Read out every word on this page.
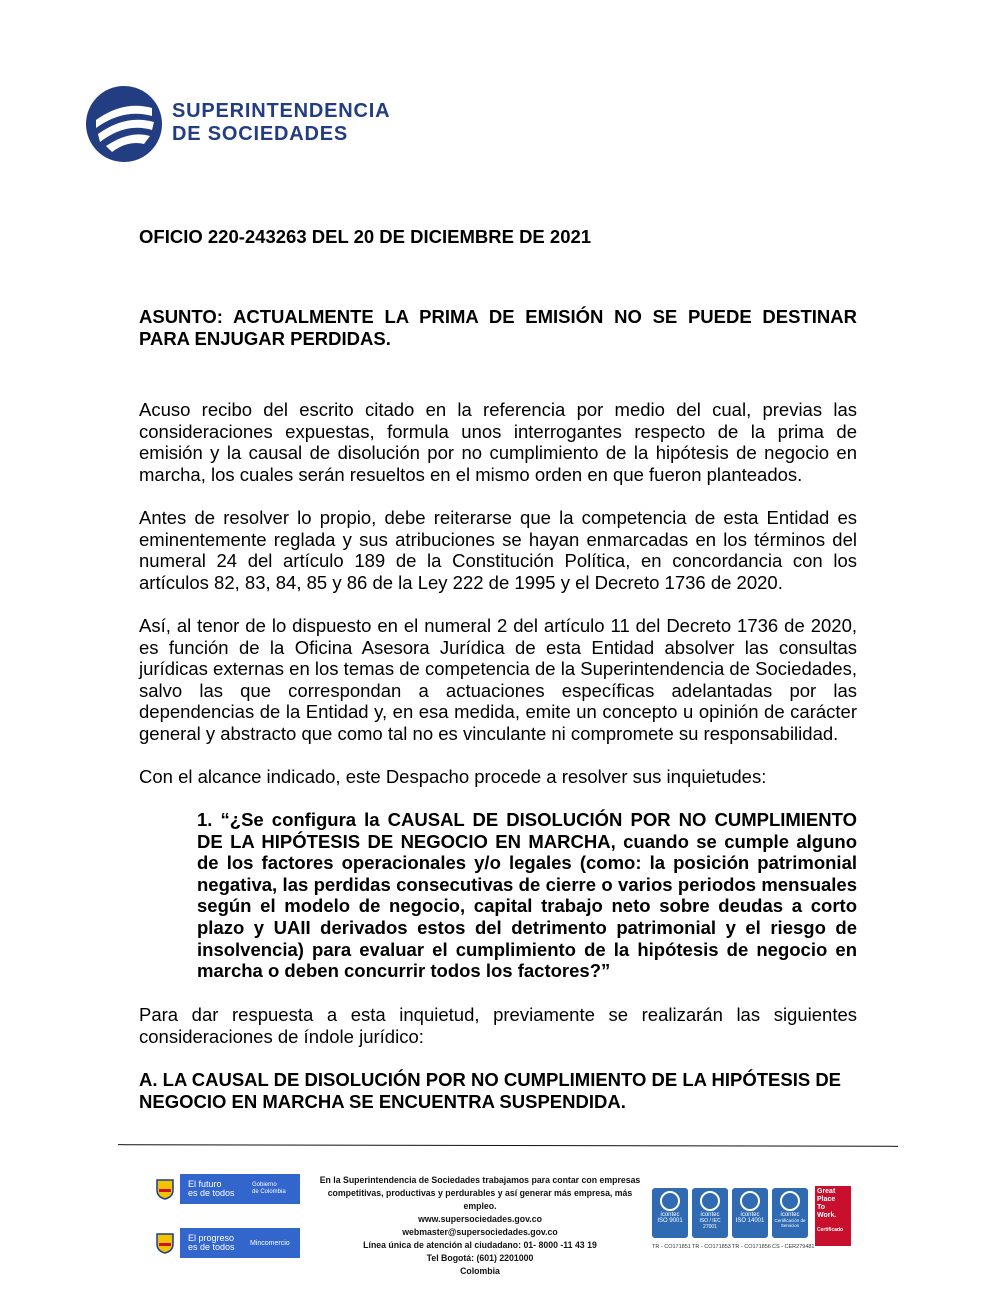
SUPERINTENDENCIA
DE SOCIEDADES
OFICIO 220-243263 DEL 20 DE DICIEMBRE DE 2021
ASUNTO: ACTUALMENTE LA PRIMA DE EMISIÓN NO SE PUEDE DESTINAR PARA ENJUGAR PERDIDAS.
Acuso recibo del escrito citado en la referencia por medio del cual, previas las consideraciones expuestas, formula unos interrogantes respecto de la prima de emisión y la causal de disolución por no cumplimiento de la hipótesis de negocio en marcha, los cuales serán resueltos en el mismo orden en que fueron planteados.
Antes de resolver lo propio, debe reiterarse que la competencia de esta Entidad es eminentemente reglada y sus atribuciones se hayan enmarcadas en los términos del numeral 24 del artículo 189 de la Constitución Política, en concordancia con los artículos 82, 83, 84, 85 y 86 de la Ley 222 de 1995 y el Decreto 1736 de 2020.
Así, al tenor de lo dispuesto en el numeral 2 del artículo 11 del Decreto 1736 de 2020, es función de la Oficina Asesora Jurídica de esta Entidad absolver las consultas jurídicas externas en los temas de competencia de la Superintendencia de Sociedades, salvo las que correspondan a actuaciones específicas adelantadas por las dependencias de la Entidad y, en esa medida, emite un concepto u opinión de carácter general y abstracto que como tal no es vinculante ni compromete su responsabilidad.
Con el alcance indicado, este Despacho procede a resolver sus inquietudes:
1. “¿Se configura la CAUSAL DE DISOLUCIÓN POR NO CUMPLIMIENTO DE LA HIPÓTESIS DE NEGOCIO EN MARCHA, cuando se cumple alguno de los factores operacionales y/o legales (como: la posición patrimonial negativa, las perdidas consecutivas de cierre o varios periodos mensuales según el modelo de negocio, capital trabajo neto sobre deudas a corto plazo y UAII derivados estos del detrimento patrimonial y el riesgo de insolvencia) para evaluar el cumplimiento de la hipótesis de negocio en marcha o deben concurrir todos los factores?”
Para dar respuesta a esta inquietud, previamente se realizarán las siguientes consideraciones de índole jurídico:
A. LA CAUSAL DE DISOLUCIÓN POR NO CUMPLIMIENTO DE LA HIPÓTESIS DE NEGOCIO EN MARCHA SE ENCUENTRA SUSPENDIDA.
El futuro
es de todos
Gobierno
de Colombia
El progreso
es de todos Mincomercio
En la Superintendencia de Sociedades trabajamos para contar con empresas
competitivas, productivas y perdurables y así generar más empresa, más empleo.
www.supersociedades.gov.co
webmaster@supersociedades.gov.co
Línea única de atención al ciudadano: 01- 8000 -11 43 19
Tel Bogotá: (601) 2201000
Colombia
icontec
ISO 9001
icontec
ISO / IEC 27001
icontec
ISO 14001
icontec
Certificación de Servicios
TR - CO171851 TR - CO171853 TR - CO171856 CS - CER279481
Great
Place
To
Work.
Certificado
